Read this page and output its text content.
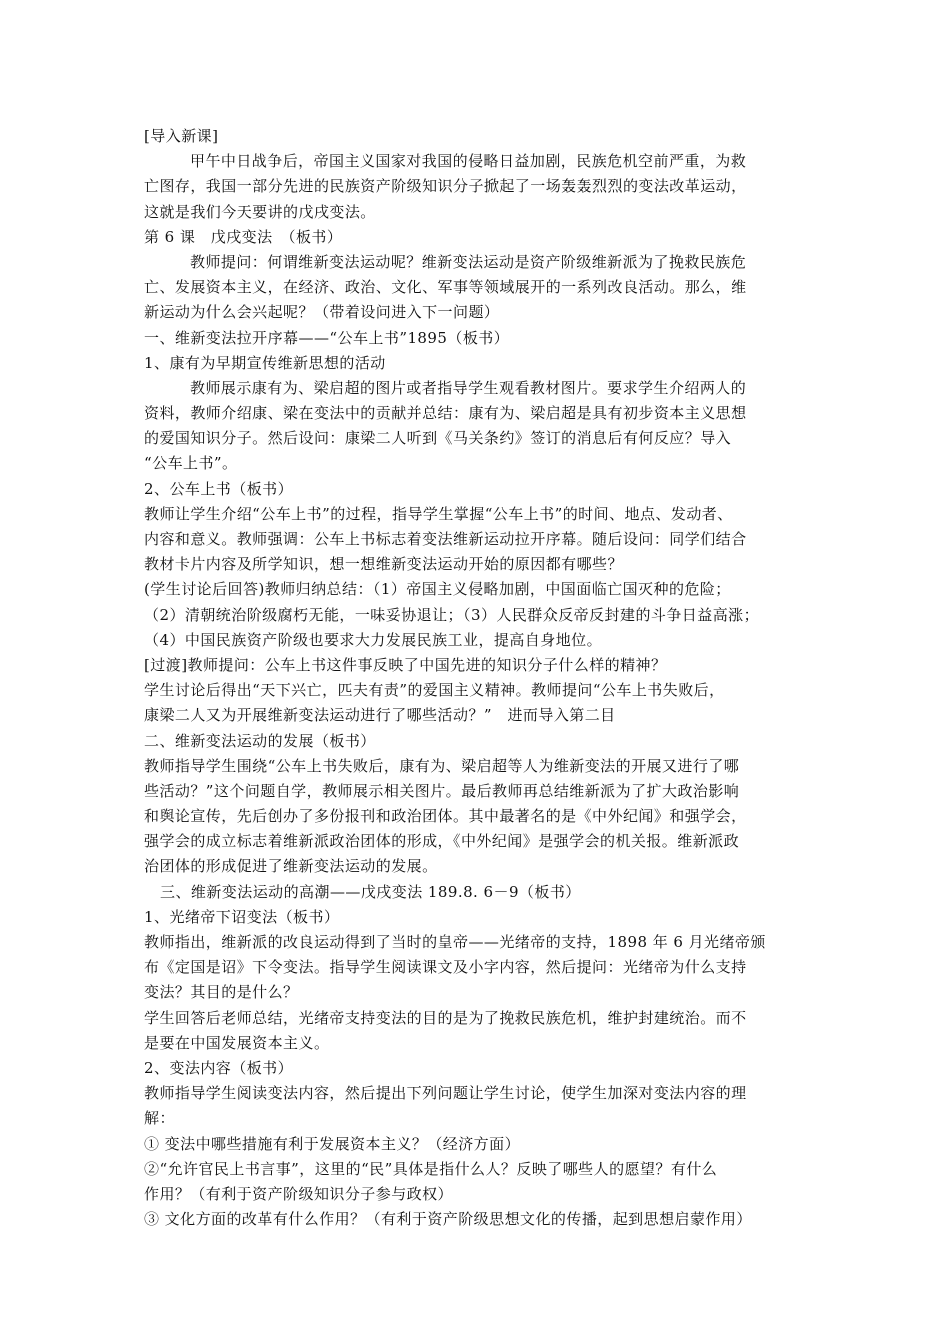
[导入新课]
甲午中日战争后，帝国主义国家对我国的侵略日益加剧，民族危机空前严重，为救
亡图存，我国一部分先进的民族资产阶级知识分子掀起了一场轰轰烈烈的变法改革运动，
这就是我们今天要讲的戊戌变法。
第 6 课　戊戌变法　（板书）
教师提问：何谓维新变法运动呢？维新变法运动是资产阶级维新派为了挽救民族危
亡、发展资本主义，在经济、政治、文化、军事等领域展开的一系列改良活动。那么，维
新运动为什么会兴起呢？（带着设问进入下一问题）
一、维新变法拉开序幕——“公车上书”1895（板书）
1、康有为早期宣传维新思想的活动
教师展示康有为、梁启超的图片或者指导学生观看教材图片。要求学生介绍两人的
资料，教师介绍康、梁在变法中的贡献并总结：康有为、梁启超是具有初步资本主义思想
的爱国知识分子。然后设问：康梁二人听到《马关条约》签订的消息后有何反应？导入
“公车上书”。
2、公车上书（板书）
教师让学生介绍“公车上书”的过程，指导学生掌握“公车上书”的时间、地点、发动者、
内容和意义。教师强调：公车上书标志着变法维新运动拉开序幕。随后设问：同学们结合
教材卡片内容及所学知识，想一想维新变法运动开始的原因都有哪些？
(学生讨论后回答)教师归纳总结：（1）帝国主义侵略加剧，中国面临亡国灭种的危险；
（2）清朝统治阶级腐朽无能，一味妥协退让；（3）人民群众反帝反封建的斗争日益高涨；
（4）中国民族资产阶级也要求大力发展民族工业，提高自身地位。
[过渡]教师提问：公车上书这件事反映了中国先进的知识分子什么样的精神？
学生讨论后得出“天下兴亡，匹夫有责”的爱国主义精神。教师提问“公车上书失败后，
康梁二人又为开展维新变法运动进行了哪些活动？”　进而导入第二目
二、维新变法运动的发展（板书）
教师指导学生围绕“公车上书失败后，康有为、梁启超等人为维新变法的开展又进行了哪
些活动？”这个问题自学，教师展示相关图片。最后教师再总结维新派为了扩大政治影响
和舆论宣传，先后创办了多份报刊和政治团体。其中最著名的是《中外纪闻》和强学会，
强学会的成立标志着维新派政治团体的形成，《中外纪闻》是强学会的机关报。维新派政
治团体的形成促进了维新变法运动的发展。
三、维新变法运动的高潮——戊戌变法 189.8. 6－9（板书）
1、光绪帝下诏变法（板书）
教师指出，维新派的改良运动得到了当时的皇帝——光绪帝的支持，1898 年 6 月光绪帝颁
布《定国是诏》下令变法。指导学生阅读课文及小字内容，然后提问：光绪帝为什么支持
变法？其目的是什么？
学生回答后老师总结，光绪帝支持变法的目的是为了挽救民族危机，维护封建统治。而不
是要在中国发展资本主义。
2、变法内容（板书）
教师指导学生阅读变法内容，然后提出下列问题让学生讨论，使学生加深对变法内容的理
解：
① 变法中哪些措施有利于发展资本主义？（经济方面）
②“允许官民上书言事”，这里的“民”具体是指什么人？反映了哪些人的愿望？有什么
作用？（有利于资产阶级知识分子参与政权）
③ 文化方面的改革有什么作用？（有利于资产阶级思想文化的传播，起到思想启蒙作用）
